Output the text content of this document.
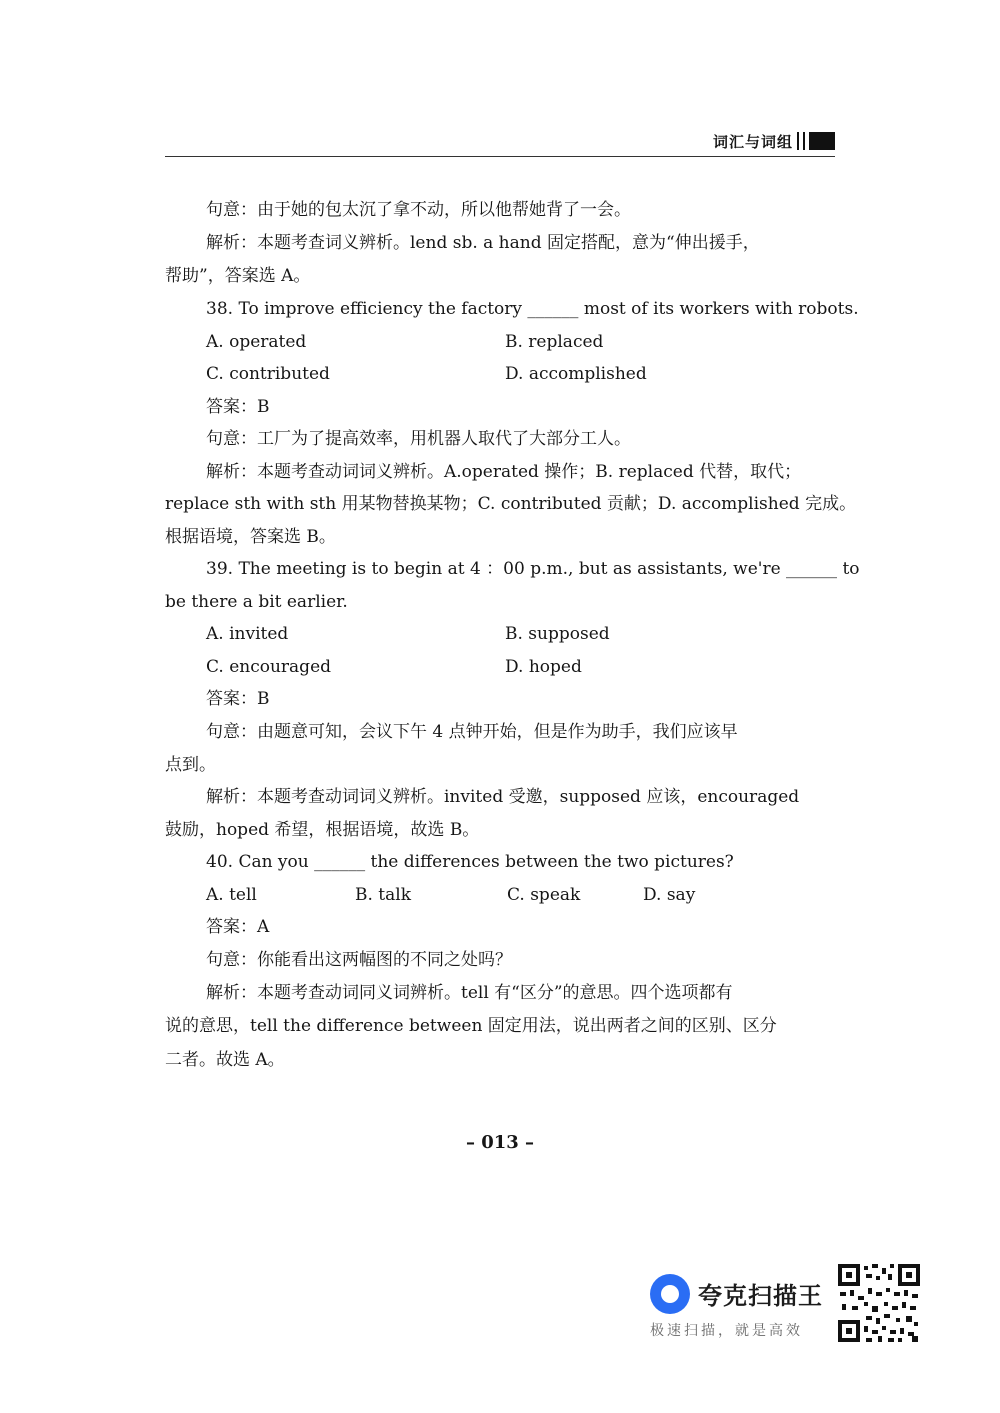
词汇与词组
句意：由于她的包太沉了拿不动，所以他帮她背了一会。
解析：本题考查词义辨析。lend sb. a hand 固定搭配，意为“伸出援手，
帮助”，答案选 A。
38. To improve efficiency the factory ______ most of its workers with robots.
A. operated	B. replaced
C. contributed	D. accomplished
答案：B
句意：工厂为了提高效率，用机器人取代了大部分工人。
解析：本题考查动词词义辨析。A.operated 操作；B. replaced 代替，取代；
replace sth with sth 用某物替换某物；C. contributed 贡献；D. accomplished 完成。
根据语境，答案选 B。
39. The meeting is to begin at 4 ：00 p.m., but as assistants, we're ______ to
be there a bit earlier.
A. invited	B. supposed
C. encouraged	D. hoped
答案：B
句意：由题意可知，会议下午 4 点钟开始，但是作为助手，我们应该早
点到。
解析：本题考查动词词义辨析。invited 受邀，supposed 应该，encouraged
鼓励，hoped 希望，根据语境，故选 B。
40. Can you ______ the differences between the two pictures?
A. tell	B. talk	C. speak	D. say
答案：A
句意：你能看出这两幅图的不同之处吗？
解析：本题考查动词同义词辨析。tell 有“区分”的意思。四个选项都有
说的意思，tell the difference between 固定用法，说出两者之间的区别、区分
二者。故选 A。
– 013 –
夸克扫描王
极速扫描，就是高效
